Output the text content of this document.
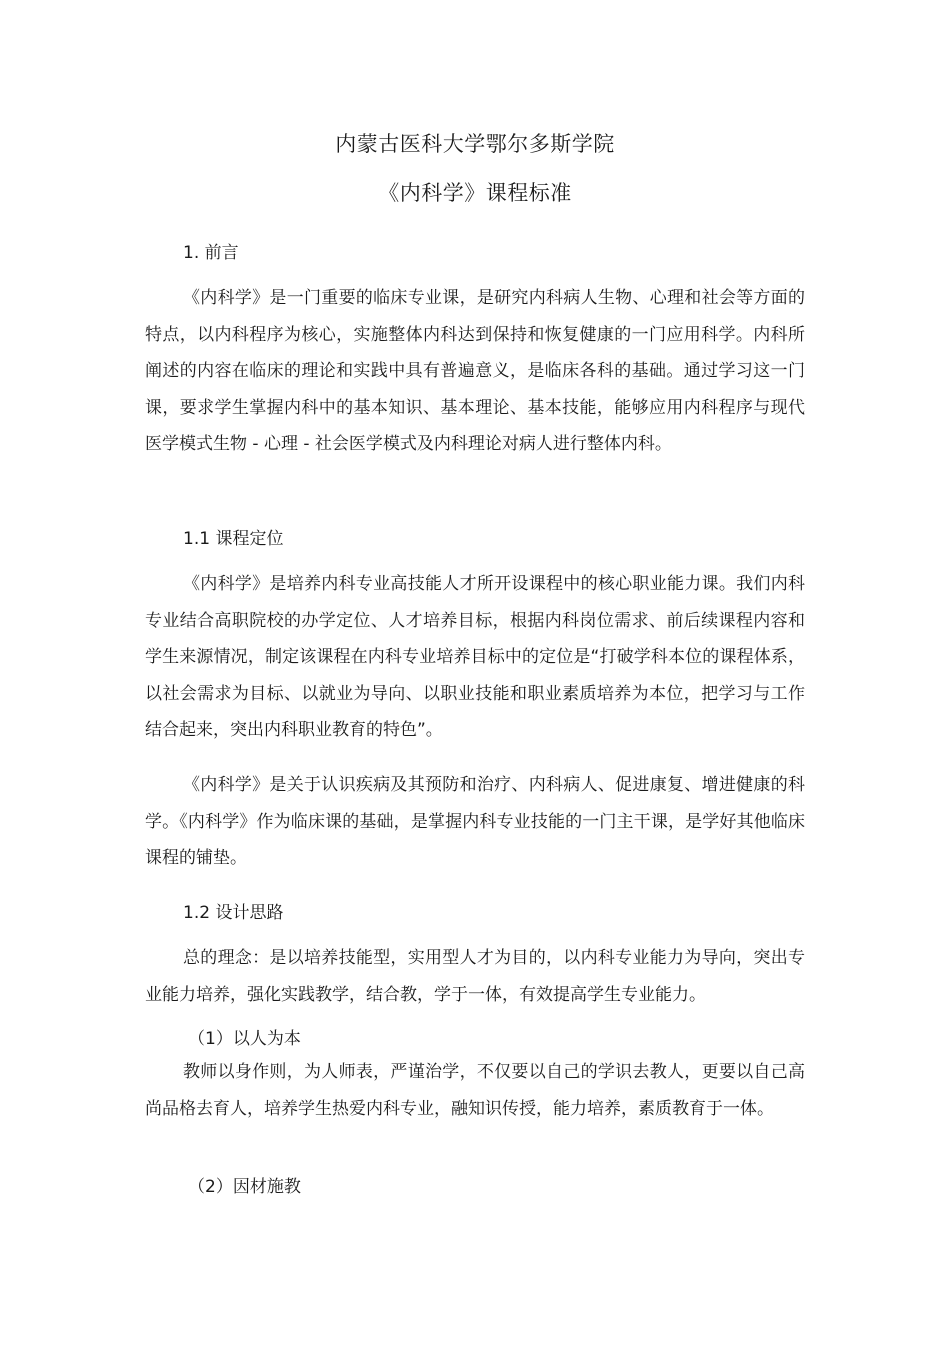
内蒙古医科大学鄂尔多斯学院
《内科学》课程标准
1. 前言

《内科学》是一门重要的临床专业课，是研究内科病人生物、心理和社会等方面的特点，以内科程序为核心，实施整体内科达到保持和恢复健康的一门应用科学。内科所阐述的内容在临床的理论和实践中具有普遍意义，是临床各科的基础。通过学习这一门课，要求学生掌握内科中的基本知识、基本理论、基本技能，能够应用内科程序与现代医学模式生物 - 心理 - 社会医学模式及内科理论对病人进行整体内科。

1.1 课程定位

《内科学》是培养内科专业高技能人才所开设课程中的核心职业能力课。我们内科专业结合高职院校的办学定位、人才培养目标，根据内科岗位需求、前后续课程内容和学生来源情况，制定该课程在内科专业培养目标中的定位是“打破学科本位的课程体系，以社会需求为目标、以就业为导向、以职业技能和职业素质培养为本位，把学习与工作结合起来，突出内科职业教育的特色”。

《内科学》是关于认识疾病及其预防和治疗、内科病人、促进康复、增进健康的科学。《内科学》作为临床课的基础，是掌握内科专业技能的一门主干课，是学好其他临床课程的铺垫。

1.2 设计思路

总的理念：是以培养技能型，实用型人才为目的，以内科专业能力为导向，突出专业能力培养，强化实践教学，结合教，学于一体，有效提高学生专业能力。

（1）以人为本

教师以身作则，为人师表，严谨治学，不仅要以自己的学识去教人，更要以自己高尚品格去育人，培养学生热爱内科专业，融知识传授，能力培养，素质教育于一体。

（2）因材施教
